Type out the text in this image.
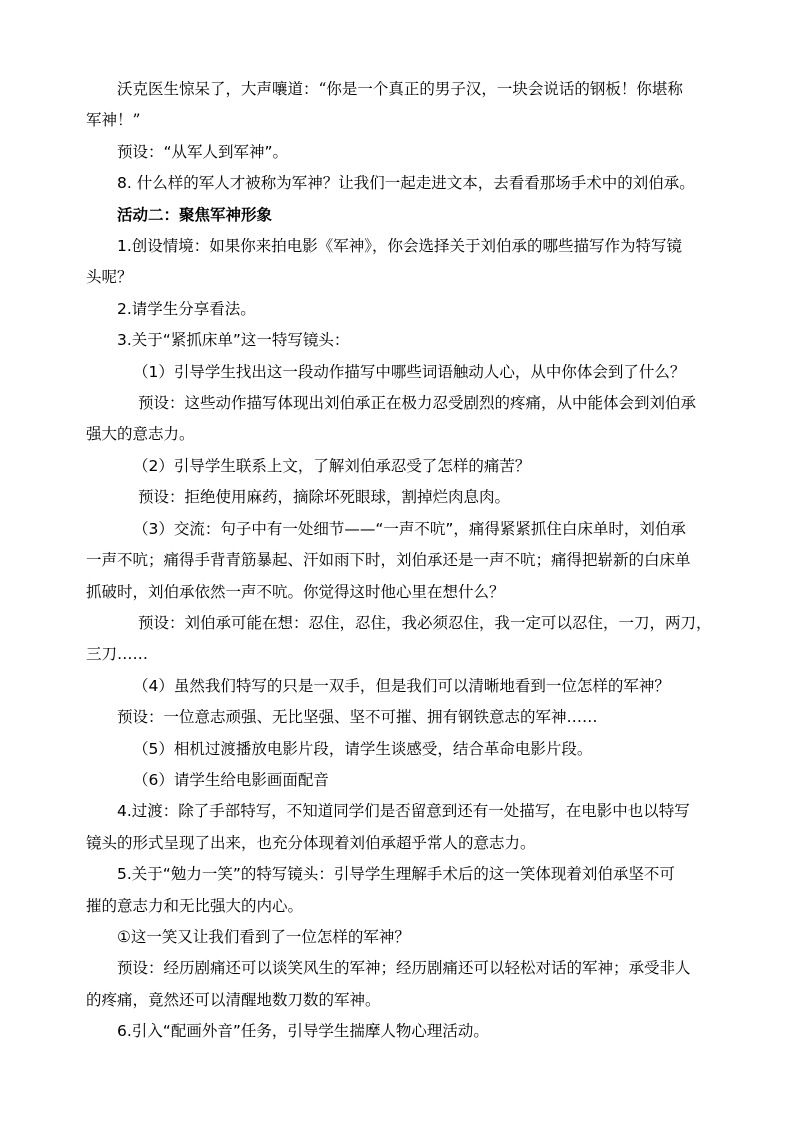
沃克医生惊呆了，大声嚷道：“你是一个真正的男子汉，一块会说话的钢板！你堪称
军神！”
预设：“从军人到军神”。
8. 什么样的军人才被称为军神？让我们一起走进文本，去看看那场手术中的刘伯承。
活动二：聚焦军神形象
1.创设情境：如果你来拍电影《军神》，你会选择关于刘伯承的哪些描写作为特写镜
头呢？
2.请学生分享看法。
3.关于“紧抓床单”这一特写镜头：
（1）引导学生找出这一段动作描写中哪些词语触动人心，从中你体会到了什么？
预设：这些动作描写体现出刘伯承正在极力忍受剧烈的疼痛，从中能体会到刘伯承
强大的意志力。
（2）引导学生联系上文，了解刘伯承忍受了怎样的痛苦？
预设：拒绝使用麻药，摘除坏死眼球，割掉烂肉息肉。
（3）交流：句子中有一处细节——“一声不吭”，痛得紧紧抓住白床单时，刘伯承
一声不吭；痛得手背青筋暴起、汗如雨下时，刘伯承还是一声不吭；痛得把崭新的白床单
抓破时，刘伯承依然一声不吭。你觉得这时他心里在想什么？
预设：刘伯承可能在想：忍住，忍住，我必须忍住，我一定可以忍住，一刀，两刀，
三刀……
（4）虽然我们特写的只是一双手，但是我们可以清晰地看到一位怎样的军神？
预设：一位意志顽强、无比坚强、坚不可摧、拥有钢铁意志的军神……
（5）相机过渡播放电影片段，请学生谈感受，结合革命电影片段。
（6）请学生给电影画面配音
4.过渡：除了手部特写，不知道同学们是否留意到还有一处描写，在电影中也以特写
镜头的形式呈现了出来，也充分体现着刘伯承超乎常人的意志力。
5.关于“勉力一笑”的特写镜头：引导学生理解手术后的这一笑体现着刘伯承坚不可
摧的意志力和无比强大的内心。
①这一笑又让我们看到了一位怎样的军神？
预设：经历剧痛还可以谈笑风生的军神；经历剧痛还可以轻松对话的军神；承受非人
的疼痛，竟然还可以清醒地数刀数的军神。
6.引入“配画外音”任务，引导学生揣摩人物心理活动。
